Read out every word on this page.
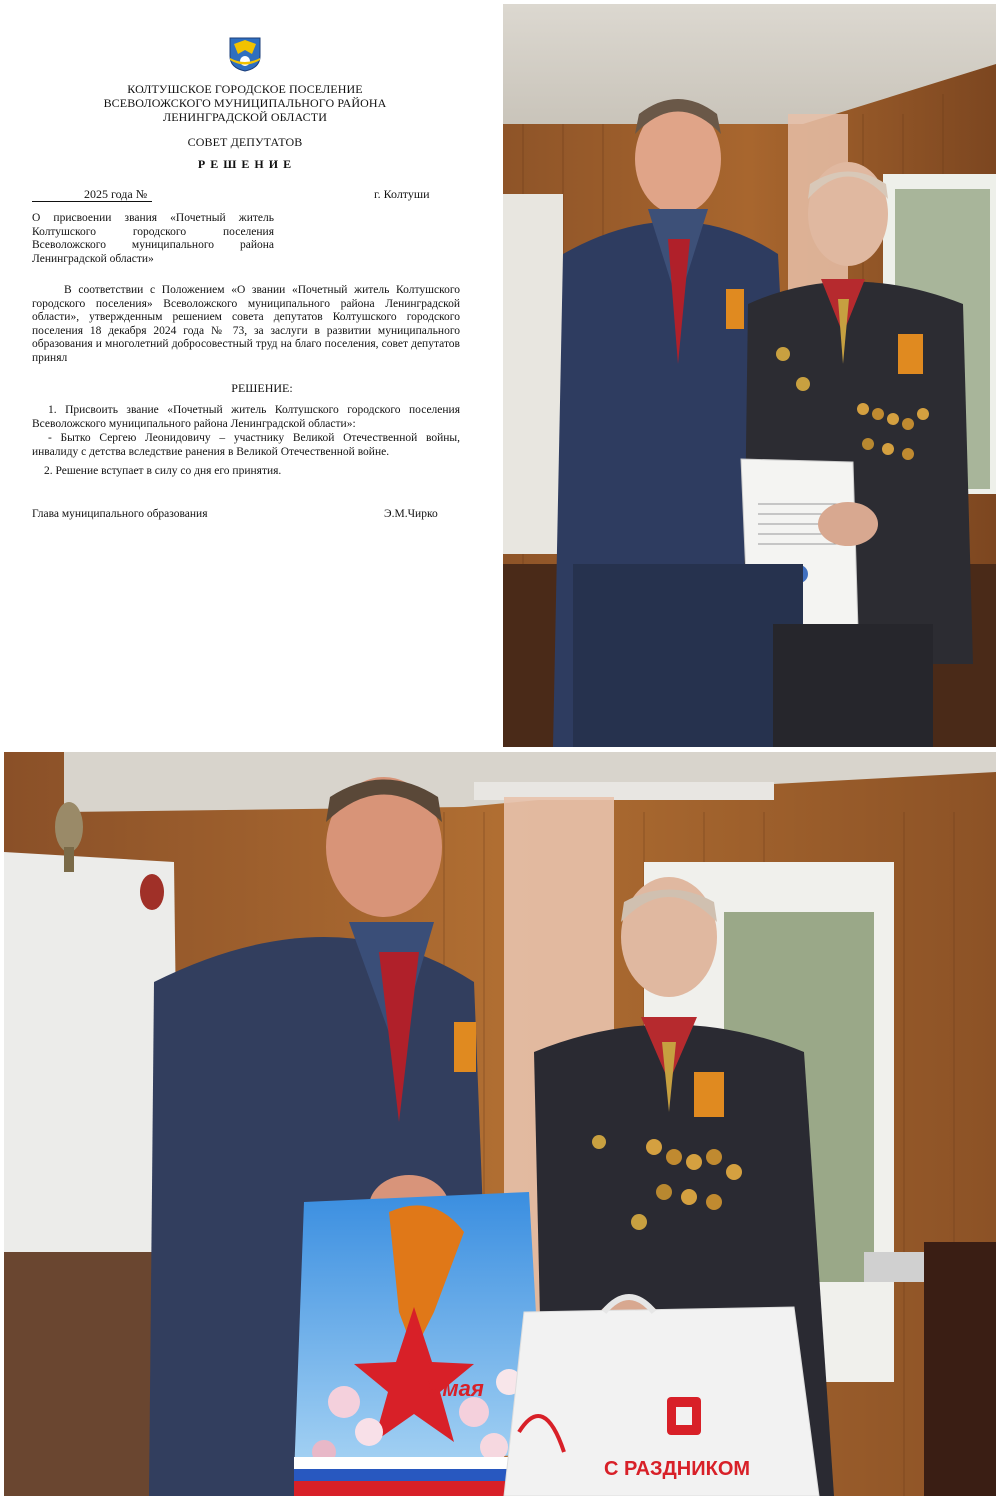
КОЛТУШСКОЕ ГОРОДСКОЕ ПОСЕЛЕНИЕ
ВСЕВОЛОЖСКОГО МУНИЦИПАЛЬНОГО РАЙОНА
ЛЕНИНГРАДСКОЙ ОБЛАСТИ
СОВЕТ ДЕПУТАТОВ
Р Е Ш Е Н И Е
2025 года №	г. Колтуши
О присвоении звания «Почетный житель Колтушского городского поселения Всеволожского муниципального района Ленинградской области»
В соответствии с Положением «О звании «Почетный житель Колтушского городского поселения» Всеволожского муниципального района Ленинградской области», утвержденным решением совета депутатов Колтушского городского поселения 18 декабря 2024 года № 73, за заслуги в развитии муниципального образования и многолетний добросовестный труд на благо поселения, совет депутатов принял
РЕШЕНИЕ:
1. Присвоить звание «Почетный житель Колтушского городского поселения Всеволожского муниципального района Ленинградской области»:
- Бытко Сергею Леонидовичу – участнику Великой Отечественной войны, инвалиду с детства вследствие ранения в Великой Отечественной войне.
2. Решение вступает в силу со дня его принятия.
Глава муниципального образования	Э.М.Чирко
9 мая
С РАЗДНИКОМ
